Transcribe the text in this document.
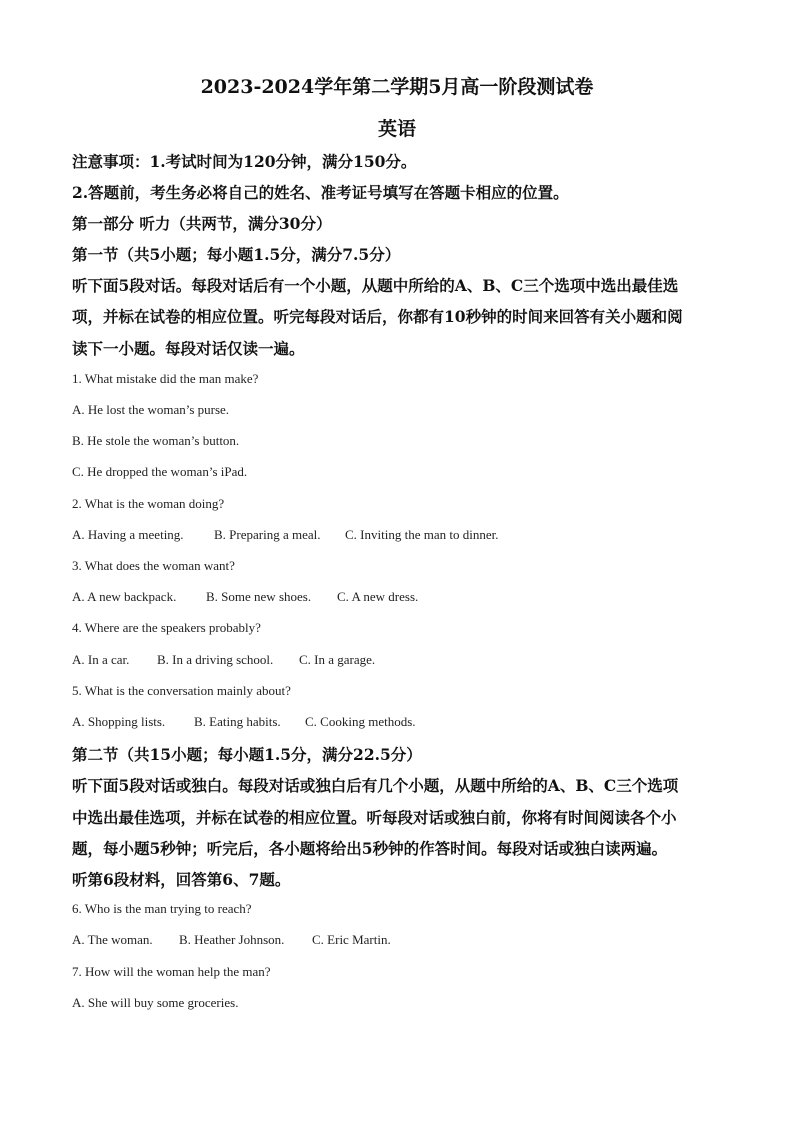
2023-2024学年第二学期5月高一阶段测试卷
英语
注意事项：1.考试时间为120分钟，满分150分。
2.答题前，考生务必将自己的姓名、准考证号填写在答题卡相应的位置。
第一部分 听力（共两节，满分30分）
第一节（共5小题；每小题1.5分，满分7.5分）
听下面5段对话。每段对话后有一个小题，从题中所给的A、B、C三个选项中选出最佳选
项，并标在试卷的相应位置。听完每段对话后，你都有10秒钟的时间来回答有关小题和阅
读下一小题。每段对话仅读一遍。
1. What mistake did the man make?
A. He lost the woman’s purse.
B. He stole the woman’s button.
C. He dropped the woman’s iPad.
2. What is the woman doing?
A. Having a meeting. B. Preparing a meal. C. Inviting the man to dinner.
3. What does the woman want?
A. A new backpack. B. Some new shoes. C. A new dress.
4. Where are the speakers probably?
A. In a car. B. In a driving school. C. In a garage.
5. What is the conversation mainly about?
A. Shopping lists. B. Eating habits. C. Cooking methods.
第二节（共15小题；每小题1.5分，满分22.5分）
听下面5段对话或独白。每段对话或独白后有几个小题，从题中所给的A、B、C三个选项
中选出最佳选项，并标在试卷的相应位置。听每段对话或独白前，你将有时间阅读各个小
题，每小题5秒钟；听完后，各小题将给出5秒钟的作答时间。每段对话或独白读两遍。
听第6段材料，回答第6、7题。
6. Who is the man trying to reach?
A. The woman. B. Heather Johnson. C. Eric Martin.
7. How will the woman help the man?
A. She will buy some groceries.
